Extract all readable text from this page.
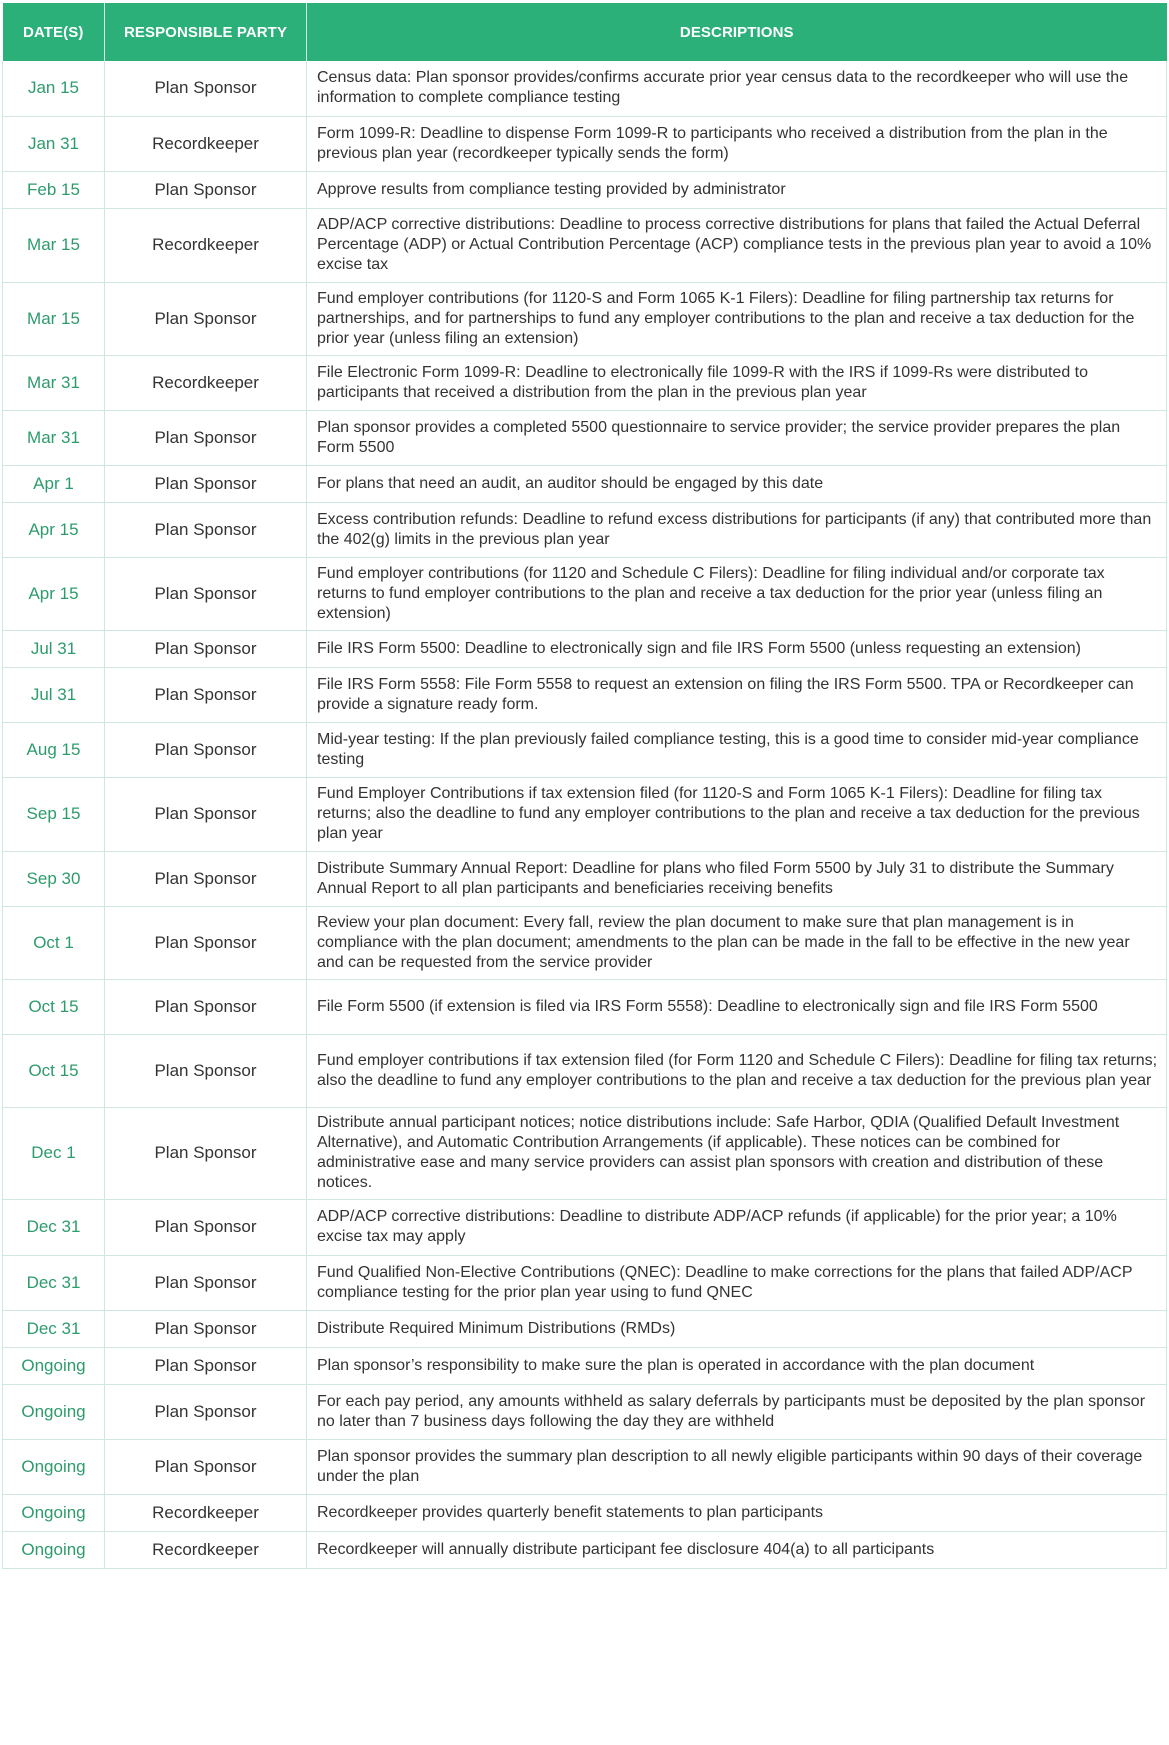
DATE(S)	RESPONSIBLE PARTY	DESCRIPTIONS
Jan 15	Plan Sponsor	Census data: Plan sponsor provides/confirms accurate prior year census data to the recordkeeper who will use the information to complete compliance testing
Jan 31	Recordkeeper	Form 1099-R: Deadline to dispense Form 1099-R to participants who received a distribution from the plan in the previous plan year (recordkeeper typically sends the form)
Feb 15	Plan Sponsor	Approve results from compliance testing provided by administrator
Mar 15	Recordkeeper	ADP/ACP corrective distributions: Deadline to process corrective distributions for plans that failed the Actual Deferral Percentage (ADP) or Actual Contribution Percentage (ACP) compliance tests in the previous plan year to avoid a 10% excise tax
Mar 15	Plan Sponsor	Fund employer contributions (for 1120-S and Form 1065 K-1 Filers): Deadline for filing partnership tax returns for partnerships, and for partnerships to fund any employer contributions to the plan and receive a tax deduction for the prior year (unless filing an extension)
Mar 31	Recordkeeper	File Electronic Form 1099-R: Deadline to electronically file 1099-R with the IRS if 1099-Rs were distributed to participants that received a distribution from the plan in the previous plan year
Mar 31	Plan Sponsor	Plan sponsor provides a completed 5500 questionnaire to service provider; the service provider prepares the plan Form 5500
Apr 1	Plan Sponsor	For plans that need an audit, an auditor should be engaged by this date
Apr 15	Plan Sponsor	Excess contribution refunds: Deadline to refund excess distributions for participants (if any) that contributed more than the 402(g) limits in the previous plan year
Apr 15	Plan Sponsor	Fund employer contributions (for 1120 and Schedule C Filers): Deadline for filing individual and/or corporate tax returns to fund employer contributions to the plan and receive a tax deduction for the prior year (unless filing an extension)
Jul 31	Plan Sponsor	File IRS Form 5500: Deadline to electronically sign and file IRS Form 5500 (unless requesting an extension)
Jul 31	Plan Sponsor	File IRS Form 5558: File Form 5558 to request an extension on filing the IRS Form 5500. TPA or Recordkeeper can provide a signature ready form.
Aug 15	Plan Sponsor	Mid-year testing: If the plan previously failed compliance testing, this is a good time to consider mid-year compliance testing
Sep 15	Plan Sponsor	Fund Employer Contributions if tax extension filed (for 1120-S and Form 1065 K-1 Filers): Deadline for filing tax returns; also the deadline to fund any employer contributions to the plan and receive a tax deduction for the previous plan year
Sep 30	Plan Sponsor	Distribute Summary Annual Report: Deadline for plans who filed Form 5500 by July 31 to distribute the Summary Annual Report to all plan participants and beneficiaries receiving benefits
Oct 1	Plan Sponsor	Review your plan document: Every fall, review the plan document to make sure that plan management is in compliance with the plan document; amendments to the plan can be made in the fall to be effective in the new year and can be requested from the service provider
Oct 15	Plan Sponsor	File Form 5500 (if extension is filed via IRS Form 5558): Deadline to electronically sign and file IRS Form 5500
Oct 15	Plan Sponsor	Fund employer contributions if tax extension filed (for Form 1120 and Schedule C Filers): Deadline for filing tax returns; also the deadline to fund any employer contributions to the plan and receive a tax deduction for the previous plan year
Dec 1	Plan Sponsor	Distribute annual participant notices; notice distributions include: Safe Harbor, QDIA (Qualified Default Investment Alternative), and Automatic Contribution Arrangements (if applicable). These notices can be combined for administrative ease and many service providers can assist plan sponsors with creation and distribution of these notices.
Dec 31	Plan Sponsor	ADP/ACP corrective distributions: Deadline to distribute ADP/ACP refunds (if applicable) for the prior year; a 10% excise tax may apply
Dec 31	Plan Sponsor	Fund Qualified Non-Elective Contributions (QNEC): Deadline to make corrections for the plans that failed ADP/ACP compliance testing for the prior plan year using to fund QNEC
Dec 31	Plan Sponsor	Distribute Required Minimum Distributions (RMDs)
Ongoing	Plan Sponsor	Plan sponsor’s responsibility to make sure the plan is operated in accordance with the plan document
Ongoing	Plan Sponsor	For each pay period, any amounts withheld as salary deferrals by participants must be deposited by the plan sponsor no later than 7 business days following the day they are withheld
Ongoing	Plan Sponsor	Plan sponsor provides the summary plan description to all newly eligible participants within 90 days of their coverage under the plan
Ongoing	Recordkeeper	Recordkeeper provides quarterly benefit statements to plan participants
Ongoing	Recordkeeper	Recordkeeper will annually distribute participant fee disclosure 404(a) to all participants
